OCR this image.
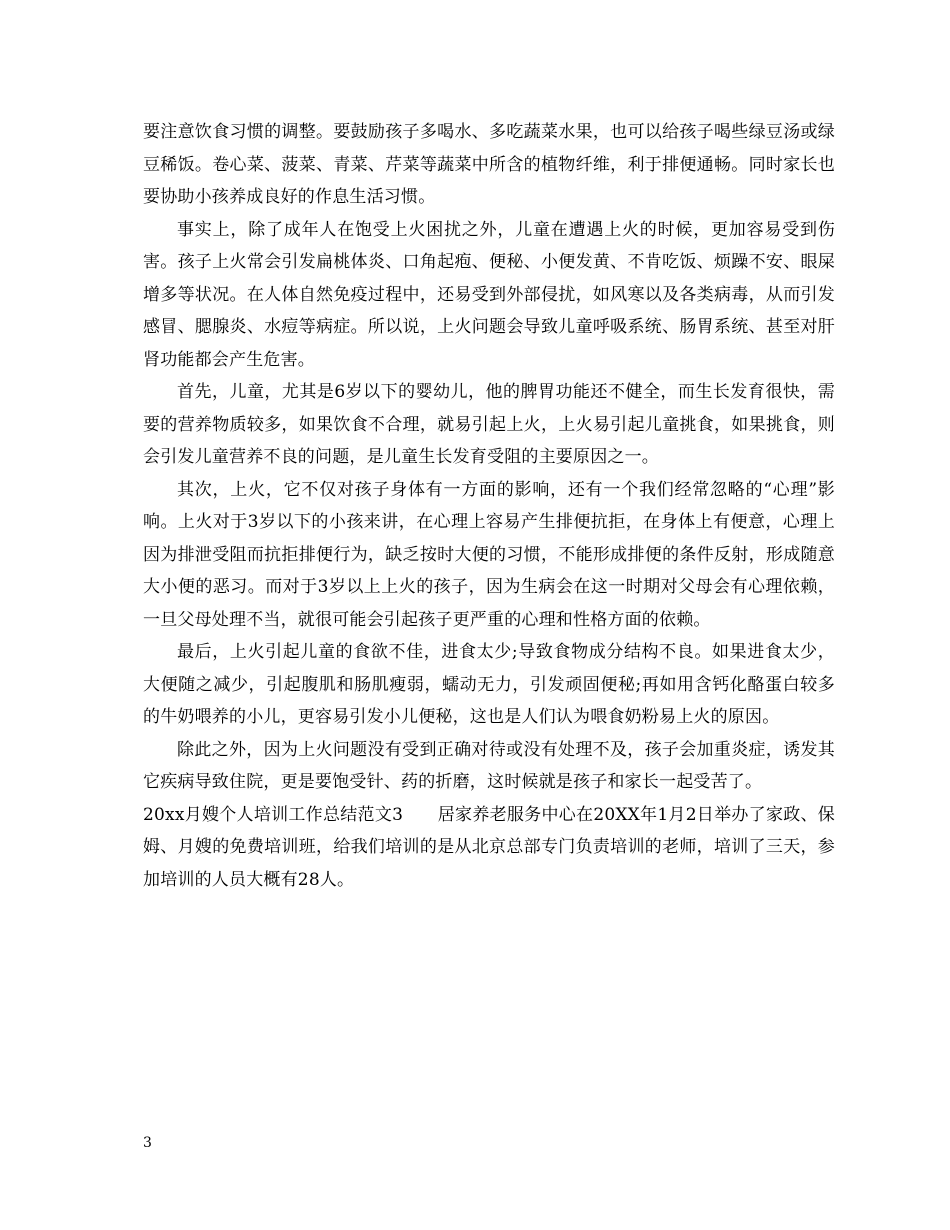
要注意饮食习惯的调整。要鼓励孩子多喝水、多吃蔬菜水果，也可以给孩子喝些绿豆汤或绿豆稀饭。卷心菜、菠菜、青菜、芹菜等蔬菜中所含的植物纤维，利于排便通畅。同时家长也要协助小孩养成良好的作息生活习惯。

事实上，除了成年人在饱受上火困扰之外，儿童在遭遇上火的时候，更加容易受到伤害。孩子上火常会引发扁桃体炎、口角起疱、便秘、小便发黄、不肯吃饭、烦躁不安、眼屎增多等状况。在人体自然免疫过程中，还易受到外部侵扰，如风寒以及各类病毒，从而引发感冒、腮腺炎、水痘等病症。所以说，上火问题会导致儿童呼吸系统、肠胃系统、甚至对肝肾功能都会产生危害。

首先，儿童，尤其是6岁以下的婴幼儿，他的脾胃功能还不健全，而生长发育很快，需要的营养物质较多，如果饮食不合理，就易引起上火，上火易引起儿童挑食，如果挑食，则会引发儿童营养不良的问题，是儿童生长发育受阻的主要原因之一。

其次，上火，它不仅对孩子身体有一方面的影响，还有一个我们经常忽略的“心理”影响。上火对于3岁以下的小孩来讲，在心理上容易产生排便抗拒，在身体上有便意，心理上因为排泄受阻而抗拒排便行为，缺乏按时大便的习惯，不能形成排便的条件反射，形成随意大小便的恶习。而对于3岁以上上火的孩子，因为生病会在这一时期对父母会有心理依赖，一旦父母处理不当，就很可能会引起孩子更严重的心理和性格方面的依赖。

最后，上火引起儿童的食欲不佳，进食太少;导致食物成分结构不良。如果进食太少，大便随之减少，引起腹肌和肠肌瘦弱，蠕动无力，引发顽固便秘;再如用含钙化酪蛋白较多的牛奶喂养的小儿，更容易引发小儿便秘，这也是人们认为喂食奶粉易上火的原因。

除此之外，因为上火问题没有受到正确对待或没有处理不及，孩子会加重炎症，诱发其它疾病导致住院，更是要饱受针、药的折磨，这时候就是孩子和家长一起受苦了。

20xx月嫂个人培训工作总结范文3　　居家养老服务中心在20XX年1月2日举办了家政、保姆、月嫂的免费培训班，给我们培训的是从北京总部专门负责培训的老师，培训了三天，参加培训的人员大概有28人。

3
